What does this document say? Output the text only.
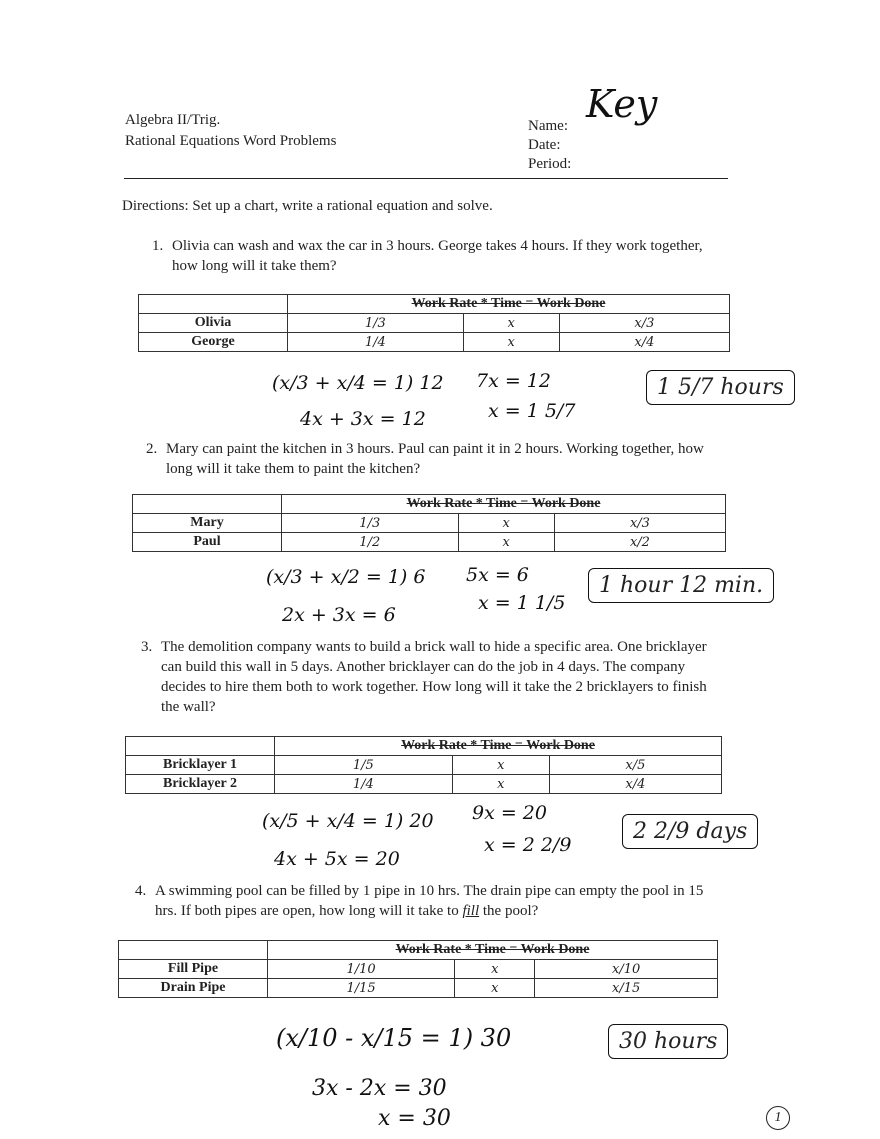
Algebra II/Trig.
Rational Equations Word Problems
Name: Key
Date:
Period:
Directions: Set up a chart, write a rational equation and solve.
1. Olivia can wash and wax the car in 3 hours. George takes 4 hours. If they work together, how long will it take them?
	Work Rate * Time = Work Done		
Olivia	1/3	x	x/3
George	1/4	x	x/4
(x/3 + x/4 = 1) 12
4x + 3x = 12
7x = 12
x = 1 5/7
1 5/7 hours
2. Mary can paint the kitchen in 3 hours. Paul can paint it in 2 hours. Working together, how long will it take them to paint the kitchen?
	Work Rate * Time = Work Done		
Mary	1/3	x	x/3
Paul	1/2	x	x/2
(x/3 + x/2 = 1) 6
2x + 3x = 6
5x = 6
x = 1 1/5
1 hour 12 min.
3. The demolition company wants to build a brick wall to hide a specific area. One bricklayer can build this wall in 5 days. Another bricklayer can do the job in 4 days. The company decides to hire them both to work together. How long will it take the 2 bricklayers to finish the wall?
	Work Rate * Time = Work Done		
Bricklayer 1	1/5	x	x/5
Bricklayer 2	1/4	x	x/4
(x/5 + x/4 = 1) 20
4x + 5x = 20
9x = 20
x = 2 2/9
2 2/9 days
4. A swimming pool can be filled by 1 pipe in 10 hrs. The drain pipe can empty the pool in 15 hrs. If both pipes are open, how long will it take to fill the pool?
	Work Rate * Time = Work Done		
Fill Pipe	1/10	x	x/10
Drain Pipe	1/15	x	x/15
(x/10 - x/15 = 1) 30
3x - 2x = 30
x = 30
30 hours
1
